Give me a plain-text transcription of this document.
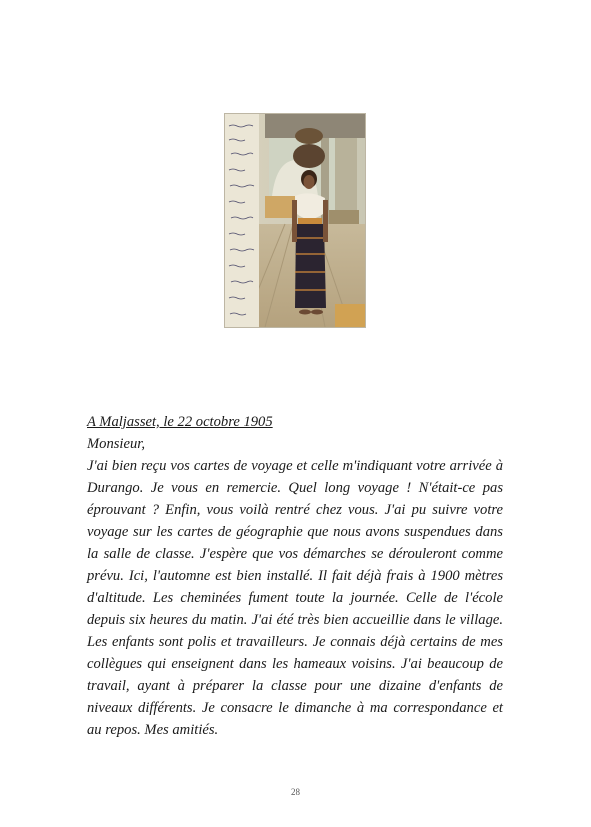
A Maljasset, le 22 octobre 1905

Monsieur,

J'ai bien reçu vos cartes de voyage et celle m'indiquant votre arrivée à Durango. Je vous en remercie. Quel long voyage ! N'était-ce pas éprouvant ? Enfin, vous voilà rentré chez vous. J'ai pu suivre votre voyage sur les cartes de géographie que nous avons suspendues dans la salle de classe. J'espère que vos démarches se dérouleront comme prévu. Ici, l'automne est bien installé. Il fait déjà frais à 1900 mètres d'altitude. Les cheminées fument toute la journée. Celle de l'école depuis six heures du matin. J'ai été très bien accueillie dans le village. Les enfants sont polis et travailleurs. Je connais déjà certains de mes collègues qui enseignent dans les hameaux voisins. J'ai beaucoup de travail, ayant à préparer la classe pour une dizaine d'enfants de niveaux différents. Je consacre le dimanche à ma correspondance et au repos. Mes amitiés.

28
